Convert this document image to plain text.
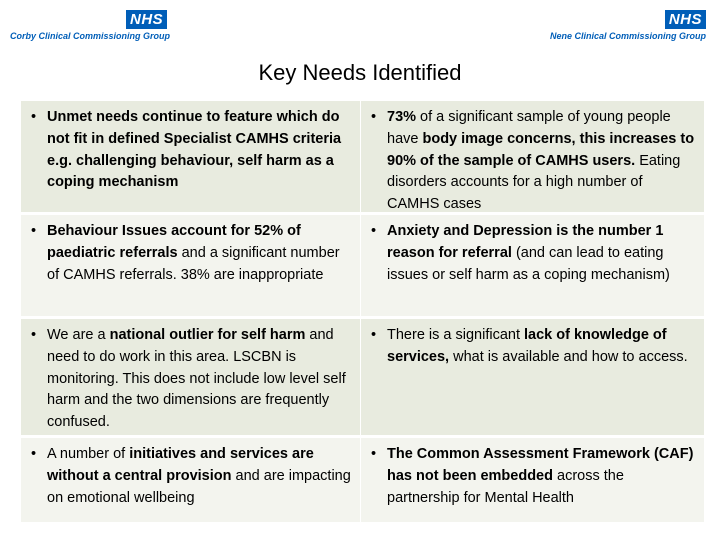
NHS
Corby Clinical Commissioning Group
NHS
Nene Clinical Commissioning Group
Key Needs Identified
• Unmet needs continue to feature which do not fit in defined Specialist CAMHS criteria e.g. challenging behaviour, self harm as a coping mechanism
• 73% of a significant sample of young people have body image concerns, this increases to 90% of the sample of CAMHS users. Eating disorders accounts for a high number of CAMHS cases
• Behaviour Issues account for 52% of paediatric referrals and a significant number of CAMHS referrals. 38% are inappropriate
• Anxiety and Depression is the number 1 reason for referral (and can lead to eating issues or self harm as a coping mechanism)
• We are a national outlier for self harm and need to do work in this area. LSCBN is monitoring. This does not include low level self harm and the two dimensions are frequently confused.
• There is a significant lack of knowledge of services, what is available and how to access.
• A number of initiatives and services are without a central provision and are impacting on emotional wellbeing
• The Common Assessment Framework (CAF) has not been embedded across the partnership for Mental Health
